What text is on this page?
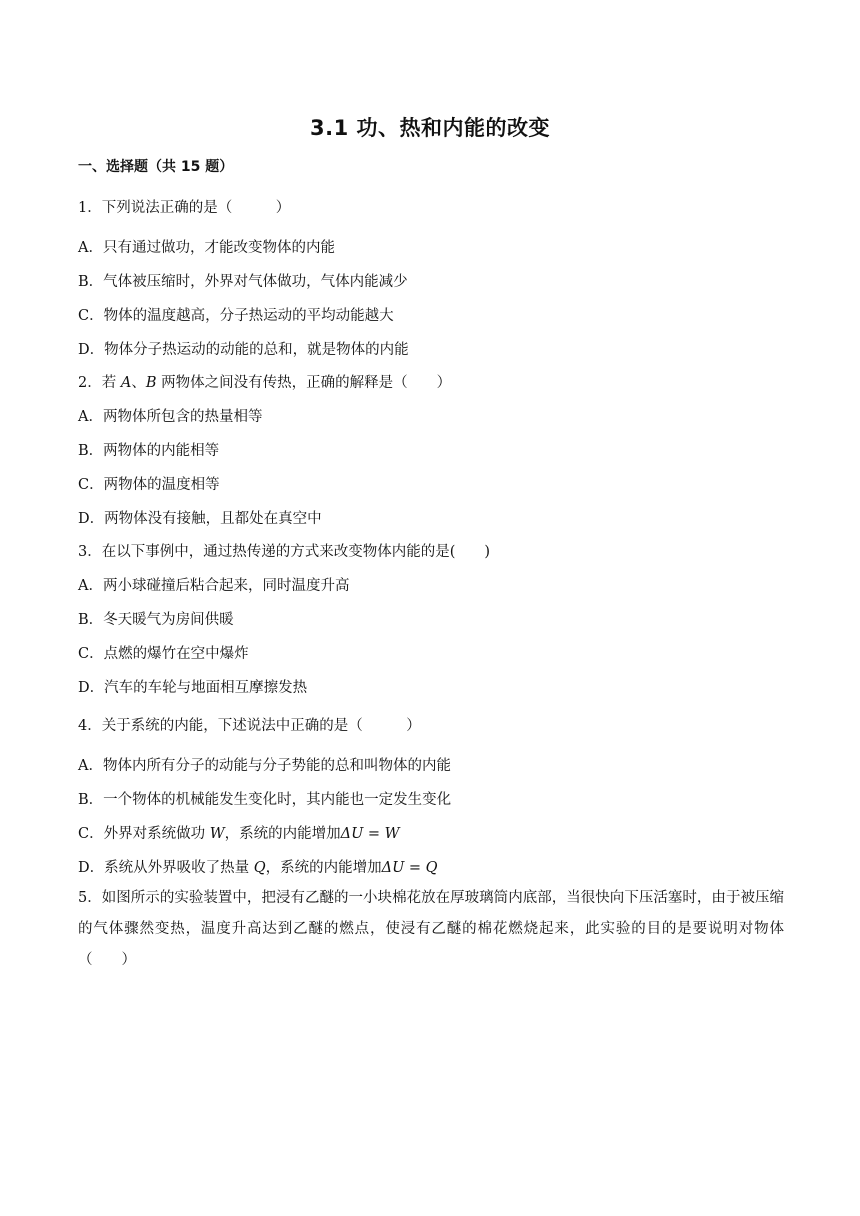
3.1 功、热和内能的改变
一、选择题（共 15 题）
1．下列说法正确的是（　　　）
A．只有通过做功，才能改变物体的内能
B．气体被压缩时，外界对气体做功，气体内能减少
C．物体的温度越高，分子热运动的平均动能越大
D．物体分子热运动的动能的总和，就是物体的内能
2．若 A、B 两物体之间没有传热，正确的解释是（　　）
A．两物体所包含的热量相等
B．两物体的内能相等
C．两物体的温度相等
D．两物体没有接触，且都处在真空中
3．在以下事例中，通过热传递的方式来改变物体内能的是(　　)
A．两小球碰撞后粘合起来，同时温度升高
B．冬天暖气为房间供暖
C．点燃的爆竹在空中爆炸
D．汽车的车轮与地面相互摩擦发热
4．关于系统的内能，下述说法中正确的是（　　　）
A．物体内所有分子的动能与分子势能的总和叫物体的内能
B．一个物体的机械能发生变化时，其内能也一定发生变化
C．外界对系统做功 W，系统的内能增加ΔU = W
D．系统从外界吸收了热量 Q，系统的内能增加ΔU = Q
5．如图所示的实验装置中，把浸有乙醚的一小块棉花放在厚玻璃筒内底部，当很快向下压活塞时，由于被压缩的气体骤然变热，温度升高达到乙醚的燃点，使浸有乙醚的棉花燃烧起来，此实验的目的是要说明对物体（　　）
